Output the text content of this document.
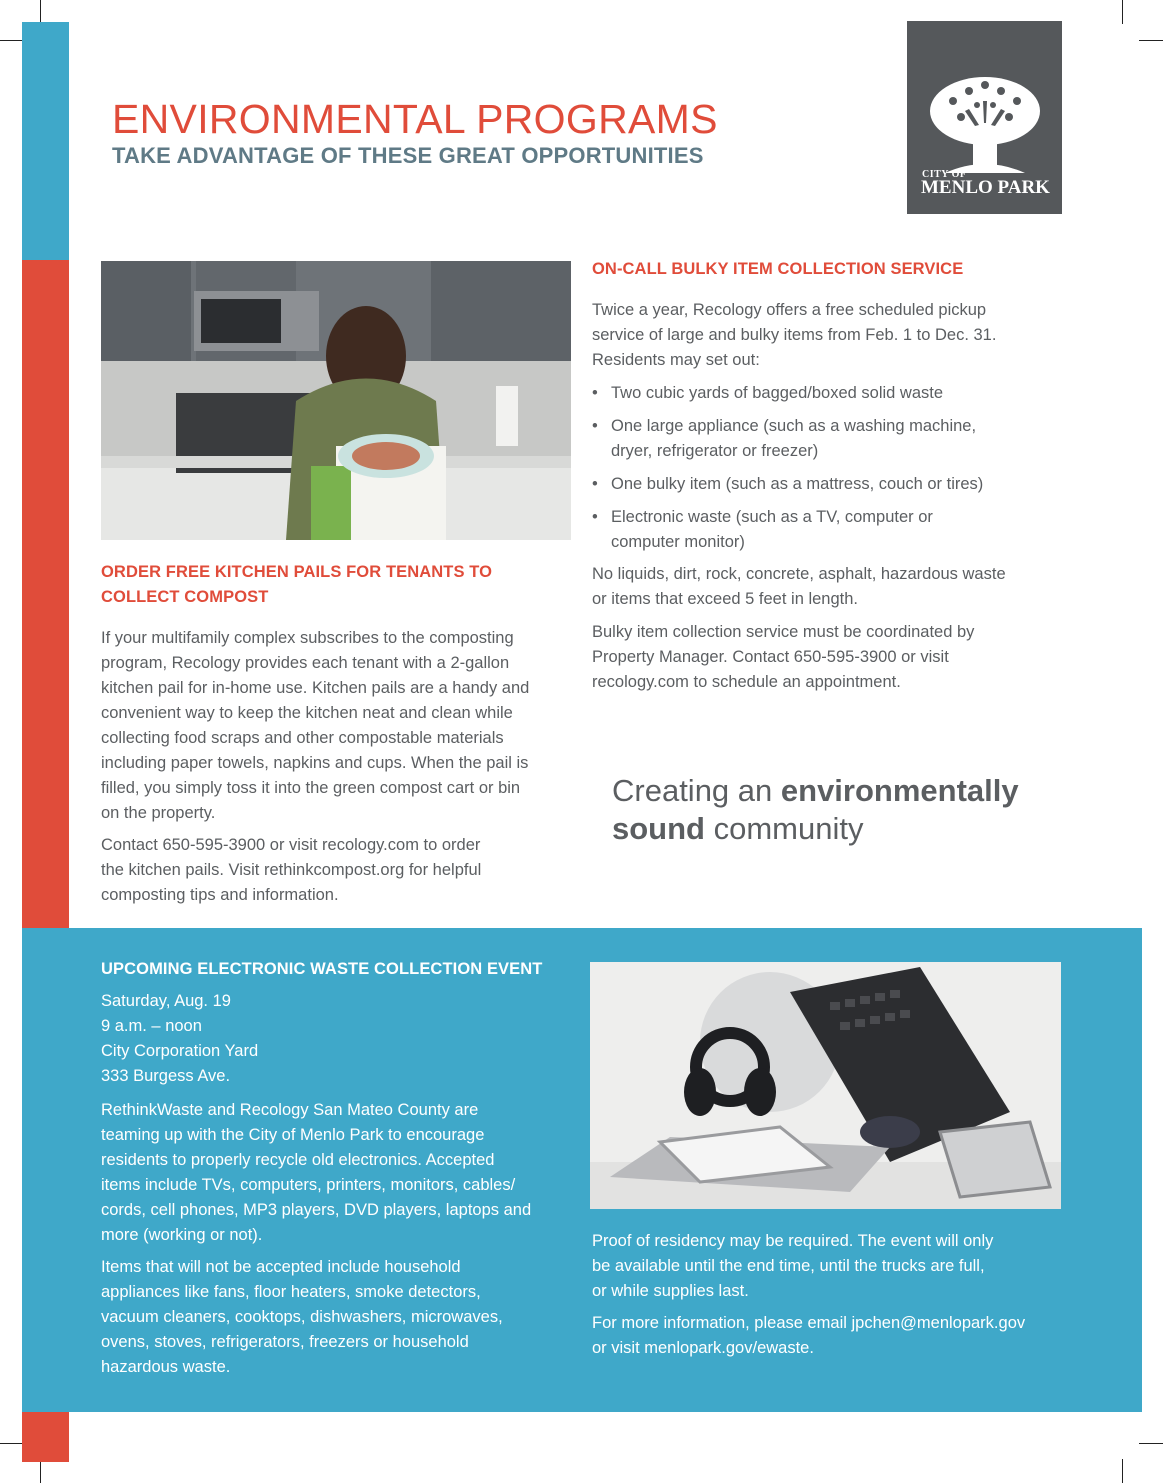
ENVIRONMENTAL PROGRAMS
TAKE ADVANTAGE OF THESE GREAT OPPORTUNITIES
CITY OF
MENLO PARK
ORDER FREE KITCHEN PAILS FOR TENANTS TO
COLLECT COMPOST
If your multifamily complex subscribes to the composting
program, Recology provides each tenant with a 2-gallon
kitchen pail for in-home use. Kitchen pails are a handy and
convenient way to keep the kitchen neat and clean while
collecting food scraps and other compostable materials
including paper towels, napkins and cups. When the pail is
filled, you simply toss it into the green compost cart or bin
on the property.
Contact 650-595-3900 or visit recology.com to order
the kitchen pails. Visit rethinkcompost.org for helpful
composting tips and information.
ON-CALL BULKY ITEM COLLECTION SERVICE
Twice a year, Recology offers a free scheduled pickup
service of large and bulky items from Feb. 1 to Dec. 31.
Residents may set out:
• Two cubic yards of bagged/boxed solid waste
• One large appliance (such as a washing machine,
dryer, refrigerator or freezer)
• One bulky item (such as a mattress, couch or tires)
• Electronic waste (such as a TV, computer or
computer monitor)
No liquids, dirt, rock, concrete, asphalt, hazardous waste
or items that exceed 5 feet in length.
Bulky item collection service must be coordinated by
Property Manager. Contact 650-595-3900 or visit
recology.com to schedule an appointment.
Creating an environmentally
sound community
UPCOMING ELECTRONIC WASTE COLLECTION EVENT
Saturday, Aug. 19
9 a.m. – noon
City Corporation Yard
333 Burgess Ave.
RethinkWaste and Recology San Mateo County are
teaming up with the City of Menlo Park to encourage
residents to properly recycle old electronics. Accepted
items include TVs, computers, printers, monitors, cables/
cords, cell phones, MP3 players, DVD players, laptops and
more (working or not).
Items that will not be accepted include household
appliances like fans, floor heaters, smoke detectors,
vacuum cleaners, cooktops, dishwashers, microwaves,
ovens, stoves, refrigerators, freezers or household
hazardous waste.
Proof of residency may be required. The event will only
be available until the end time, until the trucks are full,
or while supplies last.
For more information, please email jpchen@menlopark.gov
or visit menlopark.gov/ewaste.
